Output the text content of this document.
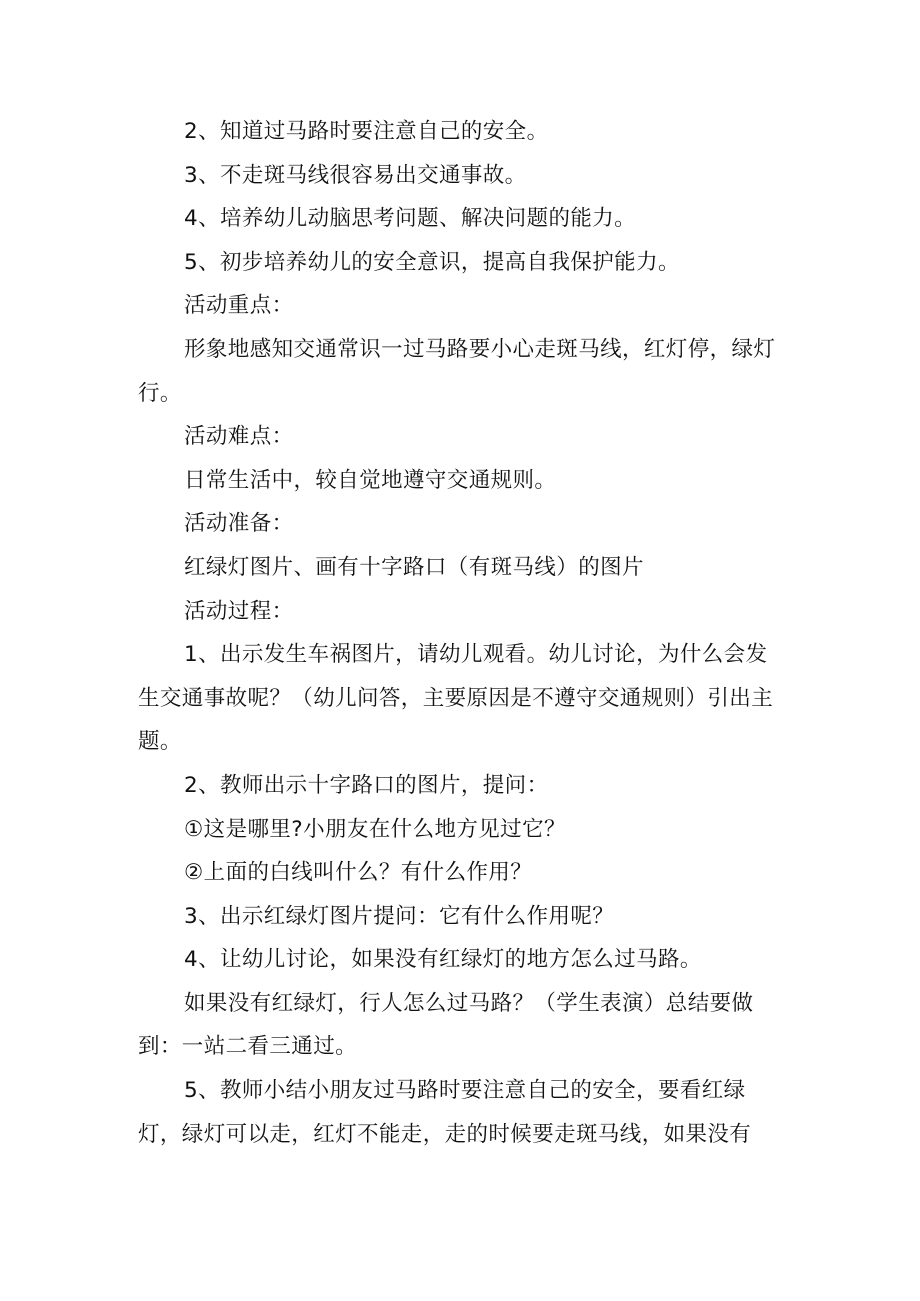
2、知道过马路时要注意自己的安全。

3、不走斑马线很容易出交通事故。

4、培养幼儿动脑思考问题、解决问题的能力。

5、初步培养幼儿的安全意识，提高自我保护能力。

活动重点：

形象地感知交通常识一过马路要小心走斑马线，红灯停，绿灯行。

活动难点：

日常生活中，较自觉地遵守交通规则。

活动准备：

红绿灯图片、画有十字路口（有斑马线）的图片

活动过程：

1、出示发生车祸图片，请幼儿观看。幼儿讨论，为什么会发生交通事故呢？（幼儿问答，主要原因是不遵守交通规则）引出主题。

2、教师出示十字路口的图片，提问：

①这是哪里?小朋友在什么地方见过它？

②上面的白线叫什么？有什么作用？

3、出示红绿灯图片提问：它有什么作用呢？

4、让幼儿讨论，如果没有红绿灯的地方怎么过马路。

如果没有红绿灯，行人怎么过马路？（学生表演）总结要做到：一站二看三通过。

5、教师小结小朋友过马路时要注意自己的安全，要看红绿灯，绿灯可以走，红灯不能走，走的时候要走斑马线，如果没有
